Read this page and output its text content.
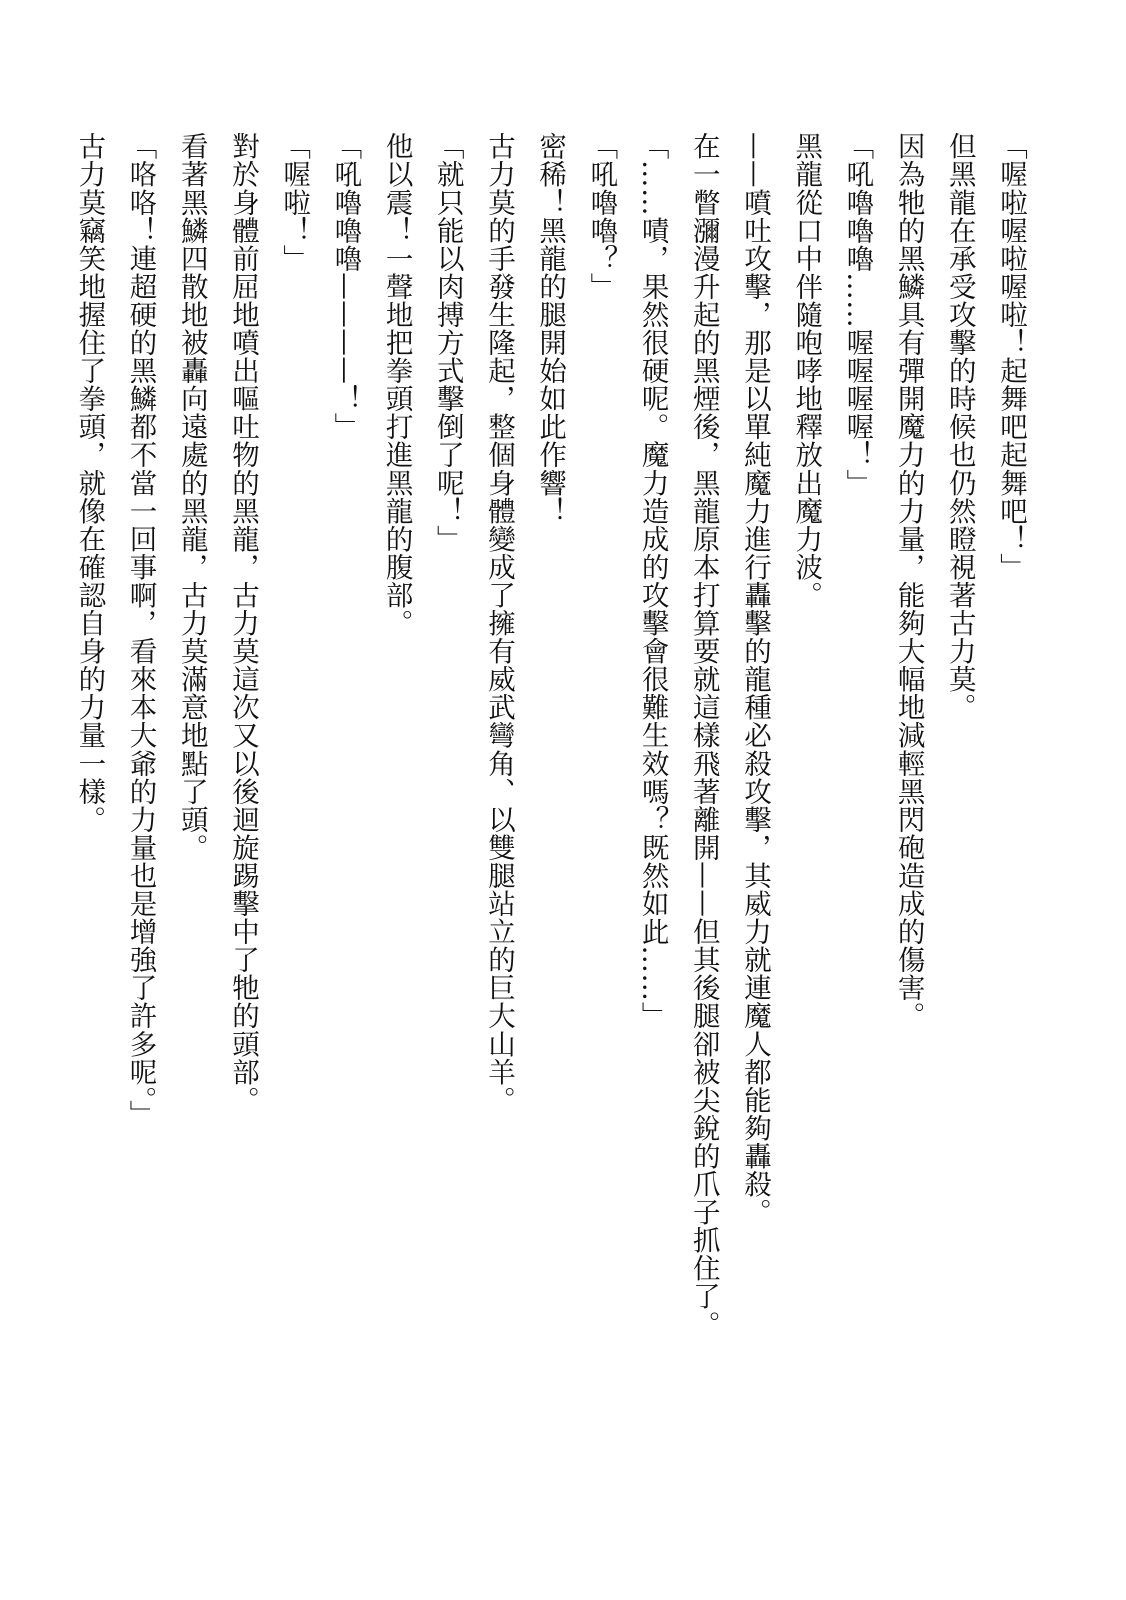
「喔啦喔啦喔啦！起舞吧起舞吧！」
但黑龍在承受攻擊的時候也仍然瞪視著古力莫。
因為牠的黑鱗具有彈開魔力的力量，能夠大幅地減輕黑閃砲造成的傷害。
「吼嚕嚕嚕……喔喔喔喔！」
黑龍從口中伴隨咆哮地釋放出魔力波。
——噴吐攻擊，那是以單純魔力進行轟擊的龍種必殺攻擊，其威力就連魔人都能夠轟殺。
在一瞥瀰漫升起的黑煙後，黑龍原本打算要就這樣飛著離開——但其後腿卻被尖銳的爪子抓住了。
「……嘖，果然很硬呢。魔力造成的攻擊會很難生效嗎？既然如此……」
「吼嚕嚕？」
密稀！黑龍的腿開始如此作響！
古力莫的手發生隆起，整個身體變成了擁有威武彎角、以雙腿站立的巨大山羊。
「就只能以肉搏方式擊倒了呢！」
他以震！一聲地把拳頭打進黑龍的腹部。
「吼嚕嚕嚕————！」
「喔啦！」
對於身體前屈地噴出嘔吐物的黑龍，古力莫這次又以後迴旋踢擊中了牠的頭部。
看著黑鱗四散地被轟向遠處的黑龍，古力莫滿意地點了頭。
「咯咯！連超硬的黑鱗都不當一回事啊，看來本大爺的力量也是增強了許多呢。」
古力莫竊笑地握住了拳頭，就像在確認自身的力量一樣。
